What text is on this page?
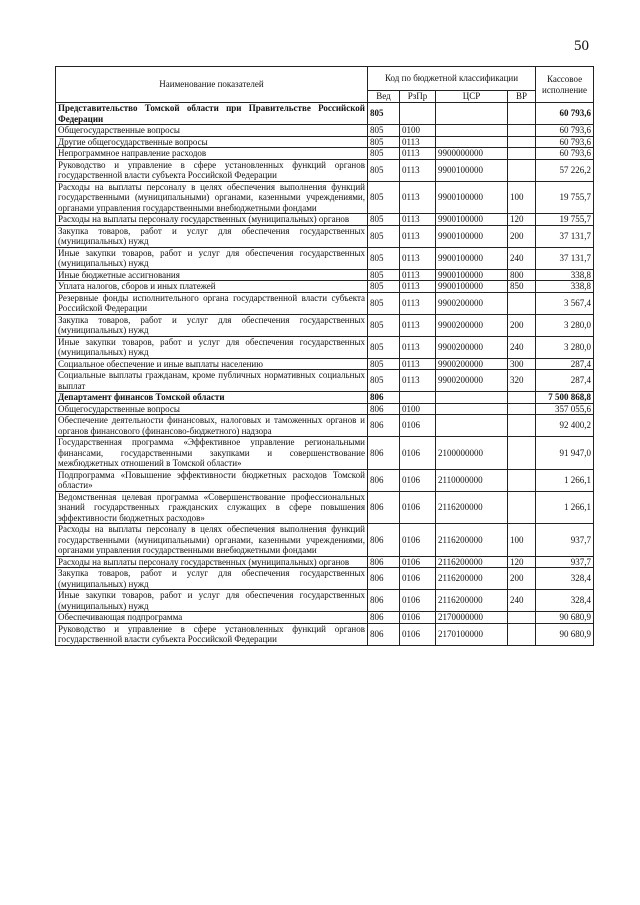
50
Наименование показателей	Код по бюджетной классификации				Кассовое исполнение
	Вед	РзПр	ЦСР	ВР	
Представительство Томской области при Правительстве Российской Федерации	805				60 793,6
Общегосударственные вопросы	805	0100			60 793,6
Другие общегосударственные вопросы	805	0113			60 793,6
Непрограммное направление расходов	805	0113	9900000000		60 793,6
Руководство и управление в сфере установленных функций органов государственной власти субъекта Российской Федерации	805	0113	9900100000		57 226,2
Расходы на выплаты персоналу в целях обеспечения выполнения функций государственными (муниципальными) органами, казенными учреждениями, органами управления государственными внебюджетными фондами	805	0113	9900100000	100	19 755,7
Расходы на выплаты персоналу государственных (муниципальных) органов	805	0113	9900100000	120	19 755,7
Закупка товаров, работ и услуг для обеспечения государственных (муниципальных) нужд	805	0113	9900100000	200	37 131,7
Иные закупки товаров, работ и услуг для обеспечения государственных (муниципальных) нужд	805	0113	9900100000	240	37 131,7
Иные бюджетные ассигнования	805	0113	9900100000	800	338,8
Уплата налогов, сборов и иных платежей	805	0113	9900100000	850	338,8
Резервные фонды исполнительного органа государственной власти субъекта Российской Федерации	805	0113	9900200000		3 567,4
Закупка товаров, работ и услуг для обеспечения государственных (муниципальных) нужд	805	0113	9900200000	200	3 280,0
Иные закупки товаров, работ и услуг для обеспечения государственных (муниципальных) нужд	805	0113	9900200000	240	3 280,0
Социальное обеспечение и иные выплаты населению	805	0113	9900200000	300	287,4
Социальные выплаты гражданам, кроме публичных нормативных социальных выплат	805	0113	9900200000	320	287,4
Департамент финансов Томской области	806				7 500 868,8
Общегосударственные вопросы	806	0100			357 055,6
Обеспечение деятельности финансовых, налоговых и таможенных органов и органов финансового (финансово-бюджетного) надзора	806	0106			92 400,2
Государственная программа «Эффективное управление региональными финансами, государственными закупками и совершенствование межбюджетных отношений в Томской области»	806	0106	2100000000		91 947,0
Подпрограмма «Повышение эффективности бюджетных расходов Томской области»	806	0106	2110000000		1 266,1
Ведомственная целевая программа «Совершенствование профессиональных знаний государственных гражданских служащих в сфере повышения эффективности бюджетных расходов»	806	0106	2116200000		1 266,1
Расходы на выплаты персоналу в целях обеспечения выполнения функций государственными (муниципальными) органами, казенными учреждениями, органами управления государственными внебюджетными фондами	806	0106	2116200000	100	937,7
Расходы на выплаты персоналу государственных (муниципальных) органов	806	0106	2116200000	120	937,7
Закупка товаров, работ и услуг для обеспечения государственных (муниципальных) нужд	806	0106	2116200000	200	328,4
Иные закупки товаров, работ и услуг для обеспечения государственных (муниципальных) нужд	806	0106	2116200000	240	328,4
Обеспечивающая подпрограмма	806	0106	2170000000		90 680,9
Руководство и управление в сфере установленных функций органов государственной власти субъекта Российской Федерации	806	0106	2170100000		90 680,9
